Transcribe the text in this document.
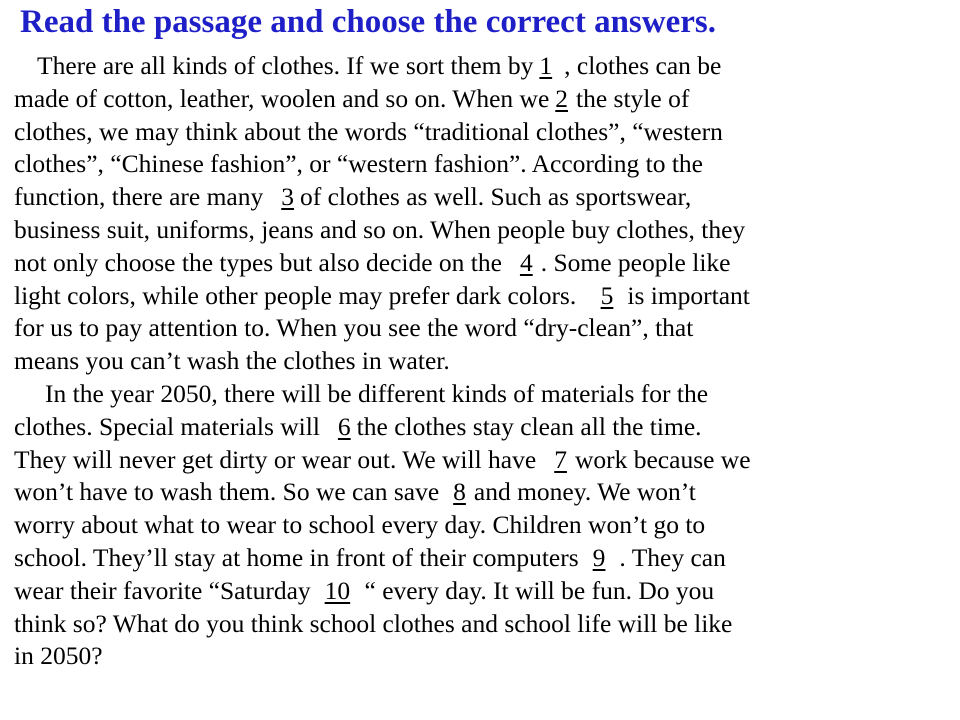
Read the passage and choose the correct answers.
There are all kinds of clothes. If we sort them by 1 , clothes can be
made of cotton, leather, woolen and so on. When we 2 the style of
clothes, we may think about the words “traditional clothes”, “western
clothes”, “Chinese fashion”, or “western fashion”. According to the
function, there are many 3 of clothes as well. Such as sportswear,
business suit, uniforms, jeans and so on. When people buy clothes, they
not only choose the types but also decide on the 4 . Some people like
light colors, while other people may prefer dark colors. 5 is important
for us to pay attention to. When you see the word “dry-clean”, that
means you can’t wash the clothes in water.
In the year 2050, there will be different kinds of materials for the
clothes. Special materials will 6 the clothes stay clean all the time.
They will never get dirty or wear out. We will have 7 work because we
won’t have to wash them. So we can save 8 and money. We won’t
worry about what to wear to school every day. Children won’t go to
school. They’ll stay at home in front of their computers 9 . They can
wear their favorite “Saturday 10 “ every day. It will be fun. Do you
think so? What do you think school clothes and school life will be like
in 2050?
